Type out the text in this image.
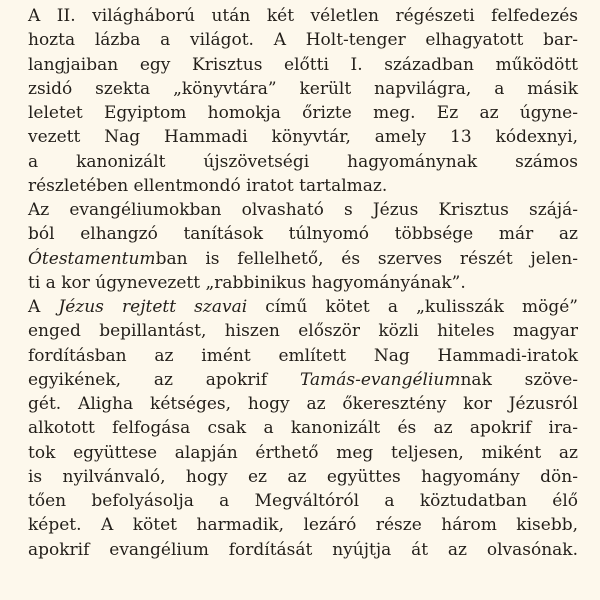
A II. világháború után két véletlen régészeti felfedezés
hozta lázba a világot. A Holt-tenger elhagyatott bar-
langjaiban egy Krisztus előtti I. században működött
zsidó szekta „könyvtára” került napvilágra, a másik
leletet Egyiptom homokja őrizte meg. Ez az úgyne-
vezett Nag Hammadi könyvtár, amely 13 kódexnyi,
a kanonizált újszövetségi hagyománynak számos
részletében ellentmondó iratot tartalmaz.
Az evangéliumokban olvasható s Jézus Krisztus szájá-
ból elhangzó tanítások túlnyomó többsége már az
Ótestamentumban is fellelhető, és szerves részét jelen-
ti a kor úgynevezett „rabbinikus hagyományának”.
A Jézus rejtett szavai című kötet a „kulisszák mögé”
enged bepillantást, hiszen először közli hiteles magyar
fordításban az imént említett Nag Hammadi-iratok
egyikének, az apokrif Tamás-evangéliumnak szöve-
gét. Aligha kétséges, hogy az őkeresztény kor Jézusról
alkotott felfogása csak a kanonizált és az apokrif ira-
tok együttese alapján érthető meg teljesen, miként az
is nyilvánvaló, hogy ez az együttes hagyomány dön-
tően befolyásolja a Megváltóról a köztudatban élő
képet. A kötet harmadik, lezáró része három kisebb,
apokrif evangélium fordítását nyújtja át az olvasónak.
